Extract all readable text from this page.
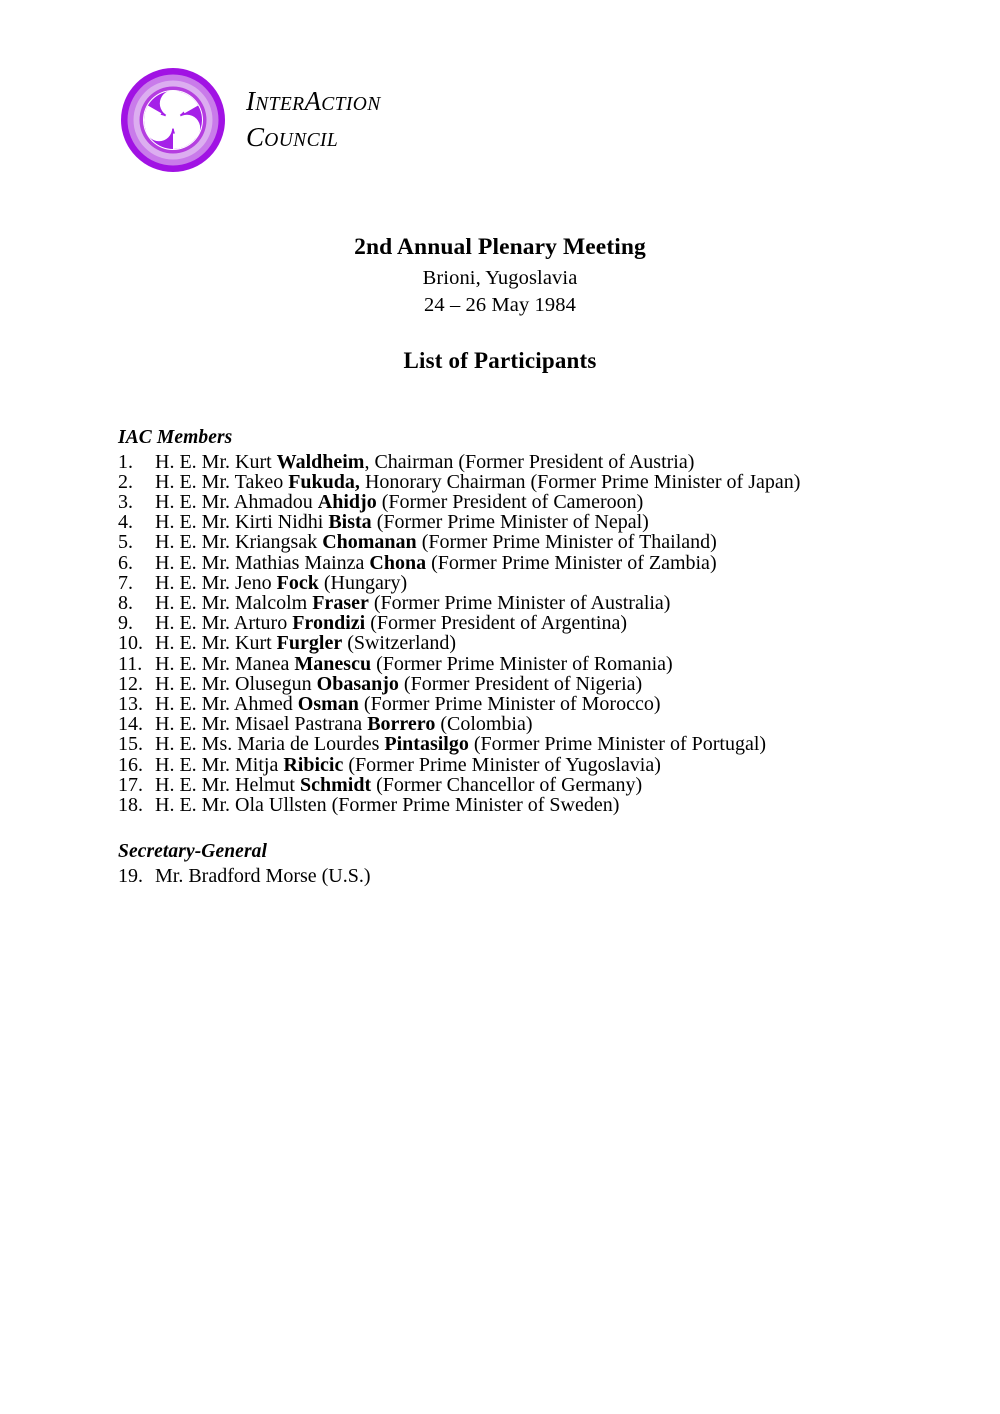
INTERACTION
COUNCIL
2nd Annual Plenary Meeting
Brioni, Yugoslavia
24 – 26 May 1984
List of Participants
IAC Members
1.	H. E. Mr. Kurt Waldheim, Chairman (Former President of Austria)
2.	H. E. Mr. Takeo Fukuda, Honorary Chairman (Former Prime Minister of Japan)
3.	H. E. Mr. Ahmadou Ahidjo (Former President of Cameroon)
4.	H. E. Mr. Kirti Nidhi Bista (Former Prime Minister of Nepal)
5.	H. E. Mr. Kriangsak Chomanan (Former Prime Minister of Thailand)
6.	H. E. Mr. Mathias Mainza Chona (Former Prime Minister of Zambia)
7.	H. E. Mr. Jeno Fock (Hungary)
8.	H. E. Mr. Malcolm Fraser (Former Prime Minister of Australia)
9.	H. E. Mr. Arturo Frondizi (Former President of Argentina)
10. H. E. Mr. Kurt Furgler (Switzerland)
11. H. E. Mr. Manea Manescu (Former Prime Minister of Romania)
12. H. E. Mr. Olusegun Obasanjo (Former President of Nigeria)
13. H. E. Mr. Ahmed Osman (Former Prime Minister of Morocco)
14. H. E. Mr. Misael Pastrana Borrero (Colombia)
15. H. E. Ms. Maria de Lourdes Pintasilgo (Former Prime Minister of Portugal)
16. H. E. Mr. Mitja Ribicic (Former Prime Minister of Yugoslavia)
17. H. E. Mr. Helmut Schmidt (Former Chancellor of Germany)
18. H. E. Mr. Ola Ullsten (Former Prime Minister of Sweden)
Secretary-General
19. Mr. Bradford Morse (U.S.)
